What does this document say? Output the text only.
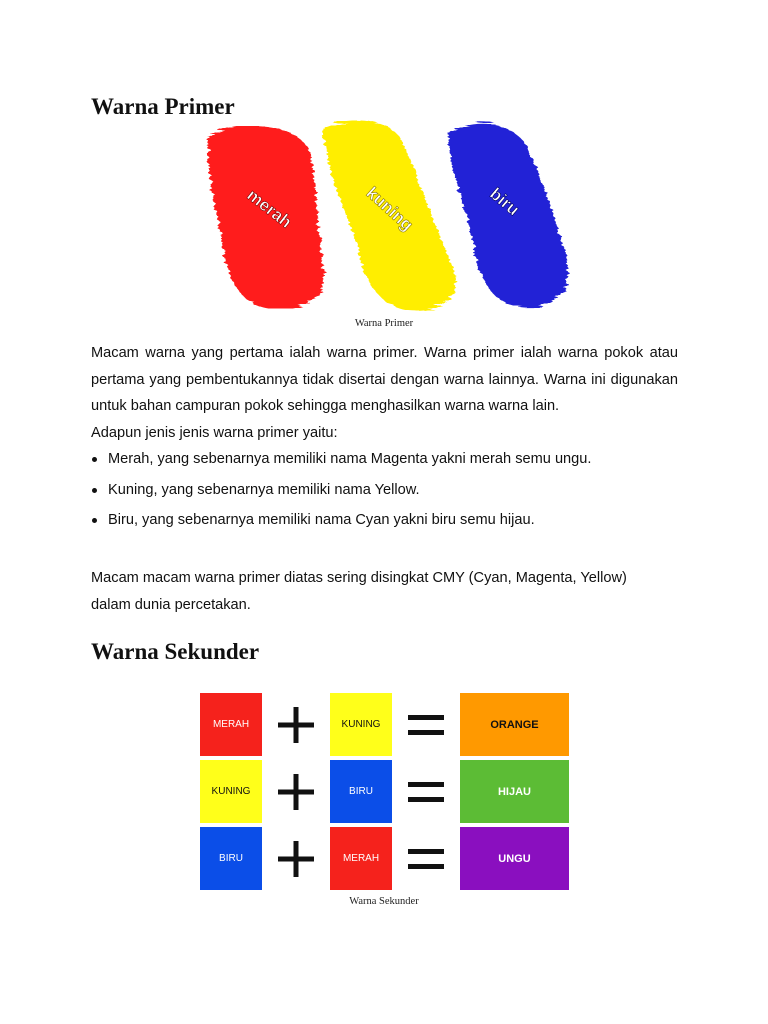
Warna Primer
merah	kuning	biru
Warna Primer

Macam warna yang pertama ialah warna primer. Warna primer ialah warna pokok atau pertama yang pembentukannya tidak disertai dengan warna lainnya. Warna ini digunakan untuk bahan campuran pokok sehingga menghasilkan warna warna lain.
Adapun jenis jenis warna primer yaitu:

Merah, yang sebenarnya memiliki nama Magenta yakni merah semu ungu.
Kuning, yang sebenarnya memiliki nama Yellow.
Biru, yang sebenarnya memiliki nama Cyan yakni biru semu hijau.

Macam macam warna primer diatas sering disingkat CMY (Cyan, Magenta, Yellow)
dalam dunia percetakan.

Warna Sekunder
MERAH	KUNING	ORANGE
KUNING	BIRU	HIJAU
BIRU	MERAH	UNGU
Warna Sekunder
